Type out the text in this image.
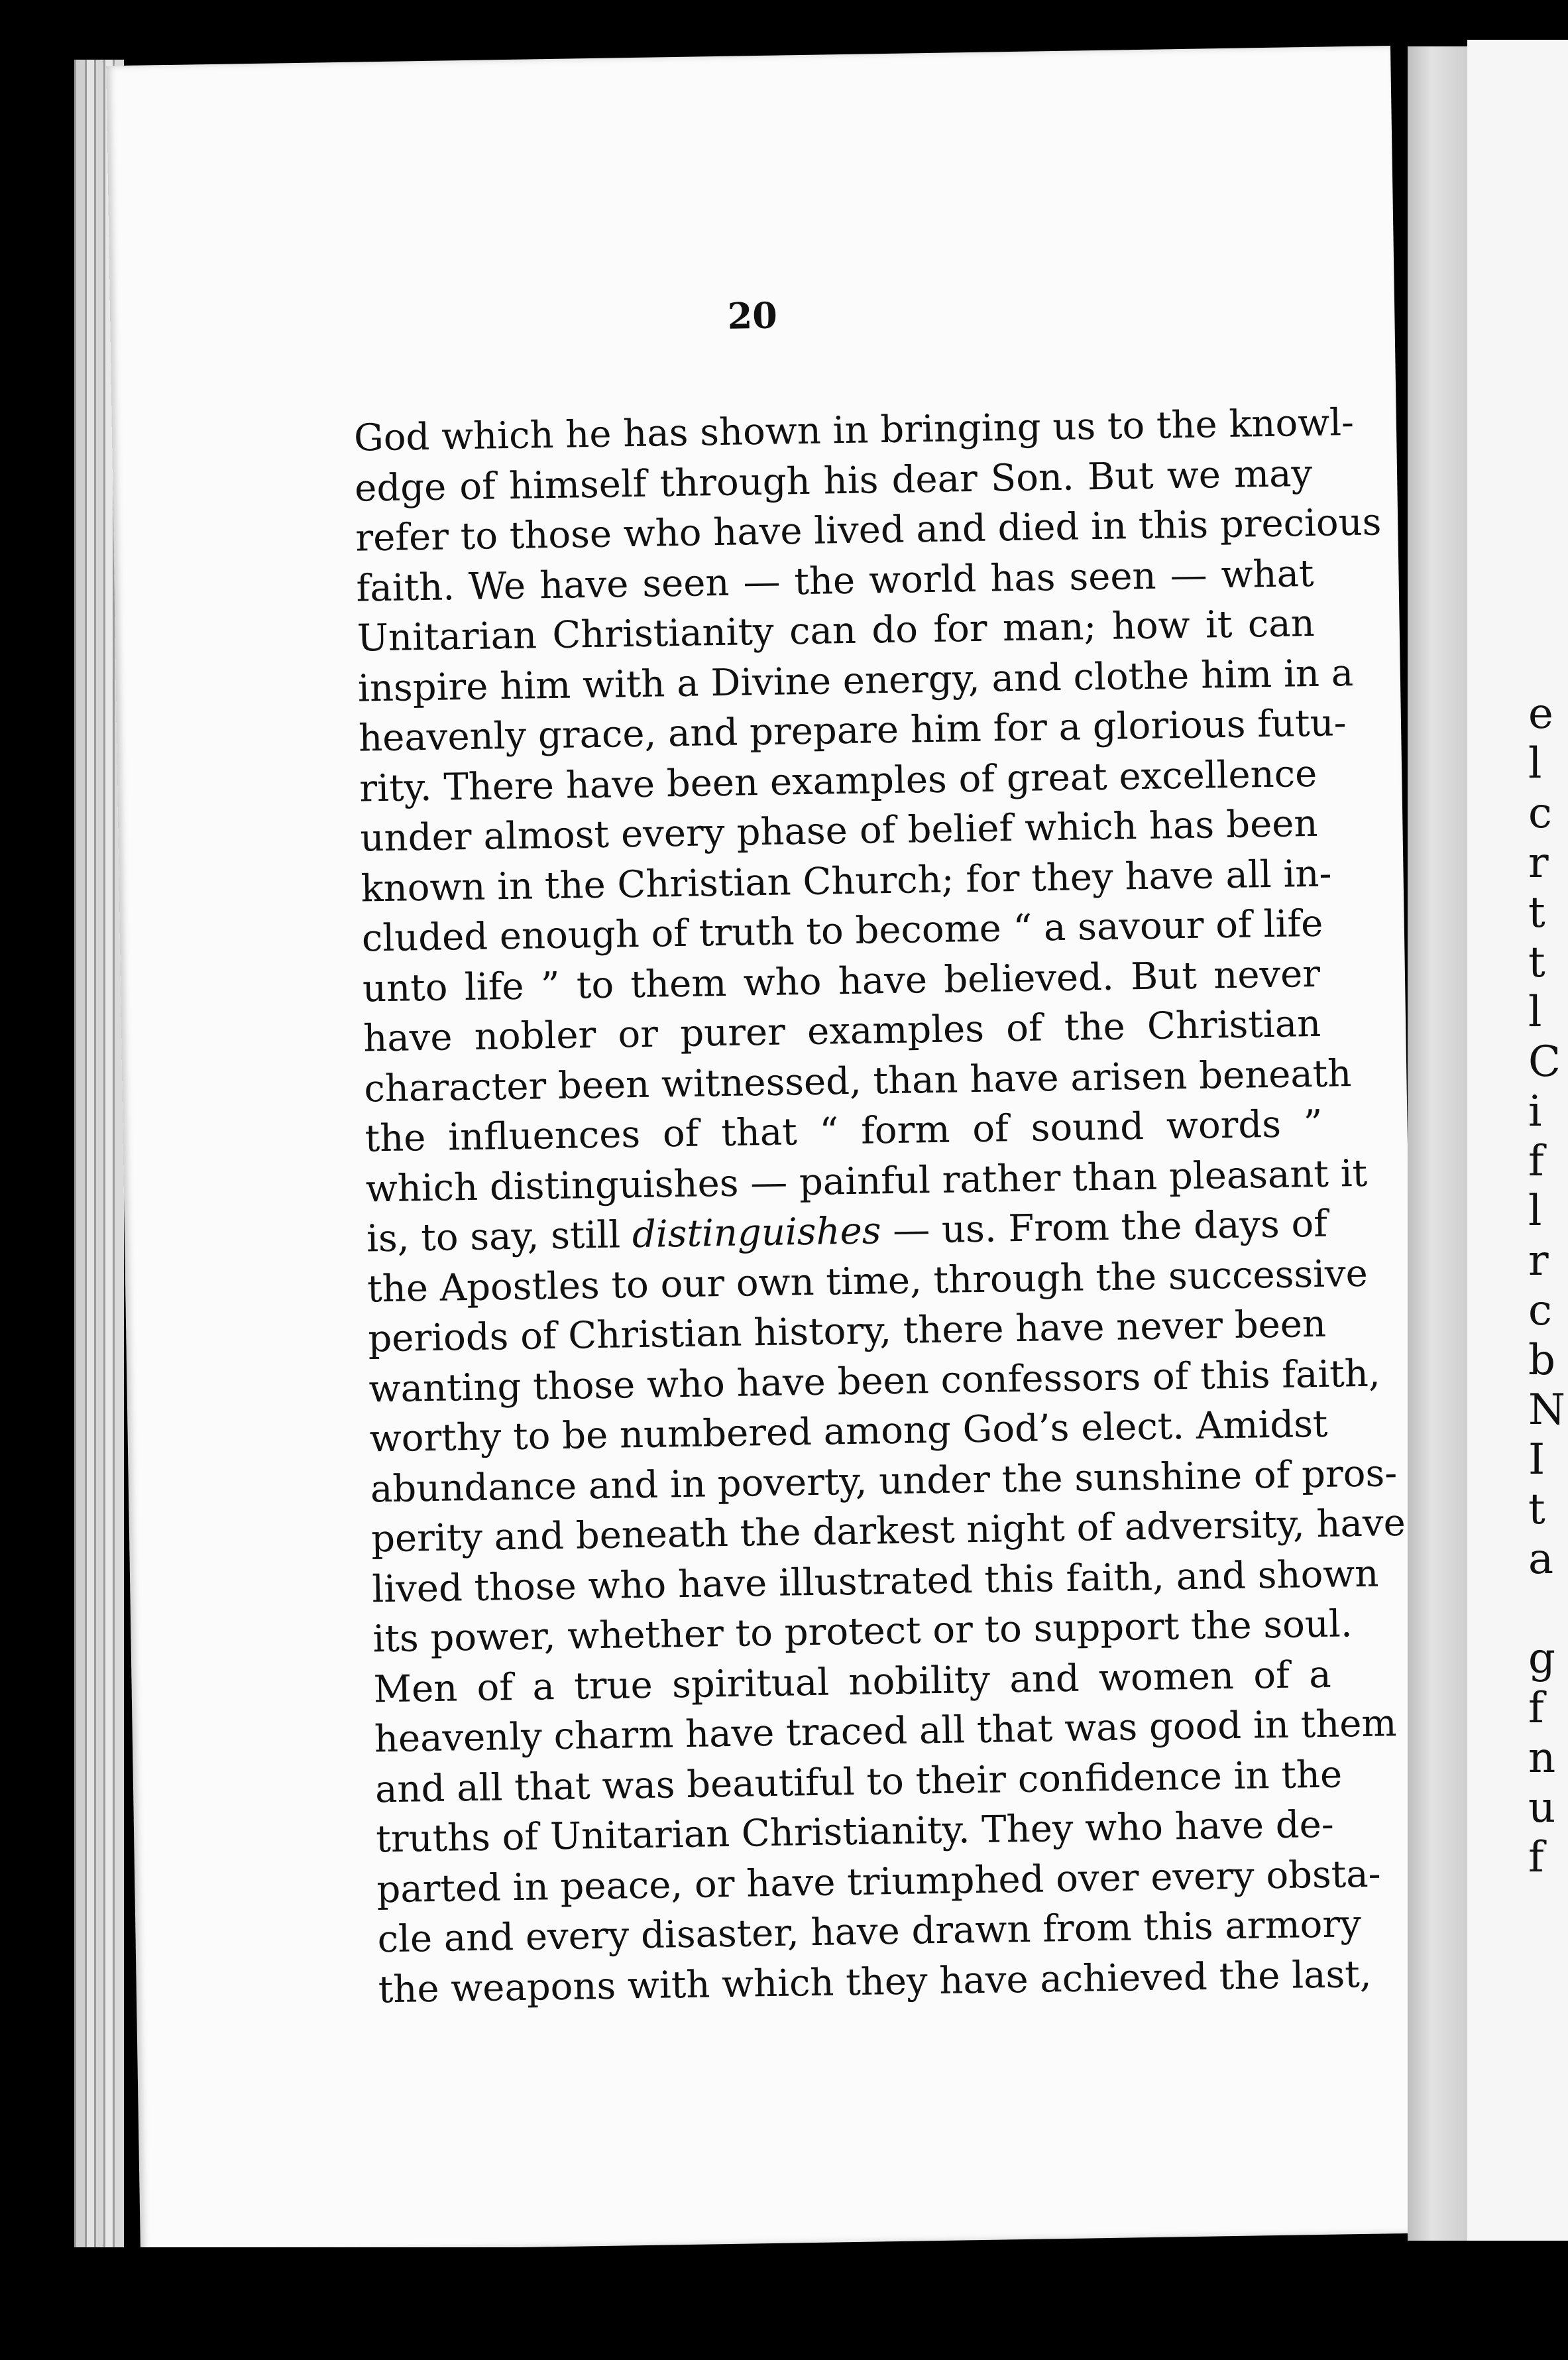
20
God which he has shown in bringing us to the knowl-
edge of himself through his dear Son. But we may
refer to those who have lived and died in this precious
faith. We have seen — the world has seen — what
Unitarian Christianity can do for man; how it can
inspire him with a Divine energy, and clothe him in a
heavenly grace, and prepare him for a glorious futu-
rity. There have been examples of great excellence
under almost every phase of belief which has been
known in the Christian Church; for they have all in-
cluded enough of truth to become “ a savour of life
unto life ” to them who have believed. But never
have nobler or purer examples of the Christian
character been witnessed, than have arisen beneath
the influences of that “ form of sound words ”
which distinguishes — painful rather than pleasant it
is, to say, still distinguishes — us. From the days of
the Apostles to our own time, through the successive
periods of Christian history, there have never been
wanting those who have been confessors of this faith,
worthy to be numbered among God’s elect. Amidst
abundance and in poverty, under the sunshine of pros-
perity and beneath the darkest night of adversity, have
lived those who have illustrated this faith, and shown
its power, whether to protect or to support the soul.
Men of a true spiritual nobility and women of a
heavenly charm have traced all that was good in them
and all that was beautiful to their confidence in the
truths of Unitarian Christianity. They who have de-
parted in peace, or have triumphed over every obsta-
cle and every disaster, have drawn from this armory
the weapons with which they have achieved the last,
e
l
c
r
t
t
l
C
i
f
l
r
c
b
N
I
t
a
g
f
n
u
f
